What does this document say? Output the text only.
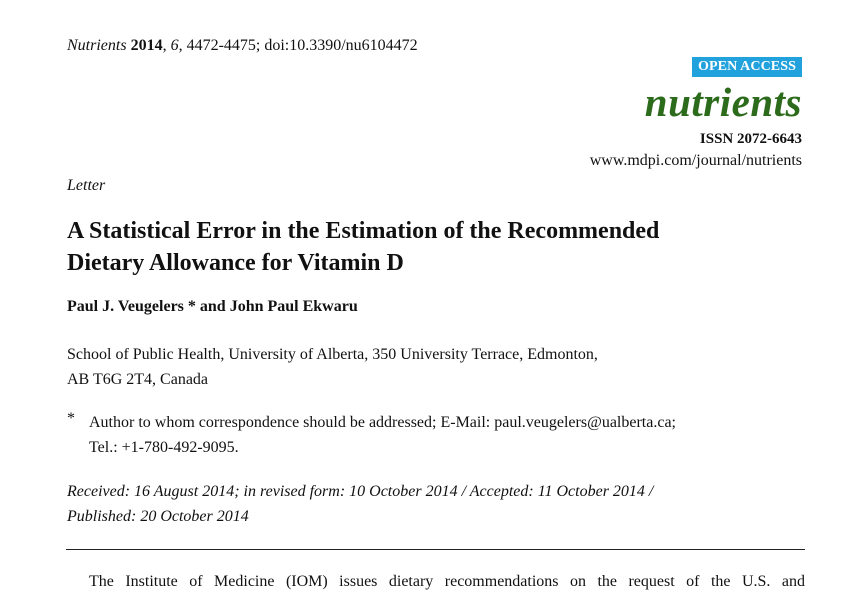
Nutrients 2014, 6, 4472-4475; doi:10.3390/nu6104472
OPEN ACCESS
nutrients
ISSN 2072-6643
www.mdpi.com/journal/nutrients
Letter
A Statistical Error in the Estimation of the Recommended
Dietary Allowance for Vitamin D
Paul J. Veugelers * and John Paul Ekwaru
School of Public Health, University of Alberta, 350 University Terrace, Edmonton,
AB T6G 2T4, Canada
* Author to whom correspondence should be addressed; E-Mail: paul.veugelers@ualberta.ca;
Tel.: +1-780-492-9095.
Received: 16 August 2014; in revised form: 10 October 2014 / Accepted: 11 October 2014 /
Published: 20 October 2014
The Institute of Medicine (IOM) issues dietary recommendations on the request of the U.S. and
